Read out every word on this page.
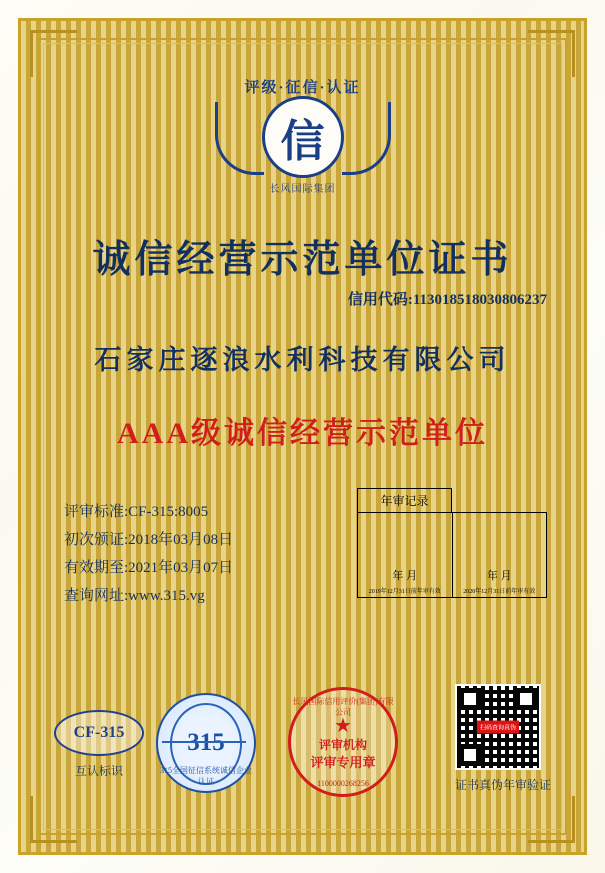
评级·征信·认证
信
长风国际集团
诚信经营示范单位证书
信用代码:113018518030806237
石家庄逐浪水利科技有限公司
AAA级诚信经营示范单位
评审标准:CF-315:8005
初次颁证:2018年03月08日
有效期至:2021年03月07日
查询网址:www.315.vg
年审记录
年 月
2019年12月31日前年审有效
年 月
2020年12月31日前年审有效
CF-315
互认标识
315
315全国征信系统诚信企业认证
长风国际信用评价(集团)有限公司
★
评审机构
评审专用章
1100000268256
扫码查询真伪
证书真伪年审验证
